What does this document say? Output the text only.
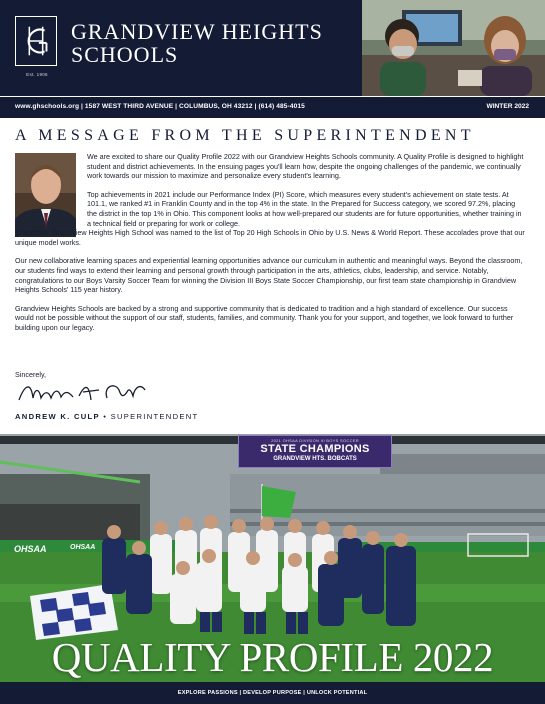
Est. 1906
GRANDVIEW HEIGHTS
SCHOOLS
www.ghschools.org | 1587 WEST THIRD AVENUE | COLUMBUS, OH 43212 | (614) 485-4015	WINTER 2022
A MESSAGE FROM THE SUPERINTENDENT

We are excited to share our Quality Profile 2022 with our Grandview Heights Schools community. A Quality Profile is designed to highlight student and district achievements. In the ensuing pages you'll learn how, despite the ongoing challenges of the pandemic, we continually work towards our mission to maximize and personalize every student's learning.

Top achievements in 2021 include our Performance Index (PI) Score, which measures every student's achievement on state tests. At 101.1, we ranked #1 in Franklin County and in the top 4% in the state. In the Prepared for Success category, we scored 97.2%, placing the district in the top 1% in Ohio. This component looks at how well-prepared our students are for future opportunities, whether training in a technical field or preparing for work or college.

In addition, Grandview Heights High School was named to the list of Top 20 High Schools in Ohio by U.S. News & World Report. These accolades prove that our unique model works.

Our new collaborative learning spaces and experiential learning opportunities advance our curriculum in authentic and meaningful ways. Beyond the classroom, our students find ways to extend their learning and personal growth through participation in the arts, athletics, clubs, leadership, and service. Notably, congratulations to our Boys Varsity Soccer Team for winning the Division III Boys State Soccer Championship, our first team state championship in Grandview Heights Schools' 115 year history.

Grandview Heights Schools are backed by a strong and supportive community that is dedicated to tradition and a high standard of excellence. Our success would not be possible without the support of our staff, students, families, and community. Thank you for your support, and together, we look forward to further building upon our legacy.

Sincerely,
ANDREW K. CULP • SUPERINTENDENT
2021 OHSAA DIVISION III BOYS SOCCER
STATE CHAMPIONS
GRANDVIEW HTS. BOBCATS
OHSAA	OHSAA
QUALITY PROFILE 2022
EXPLORE PASSIONS | DEVELOP PURPOSE | UNLOCK POTENTIAL
